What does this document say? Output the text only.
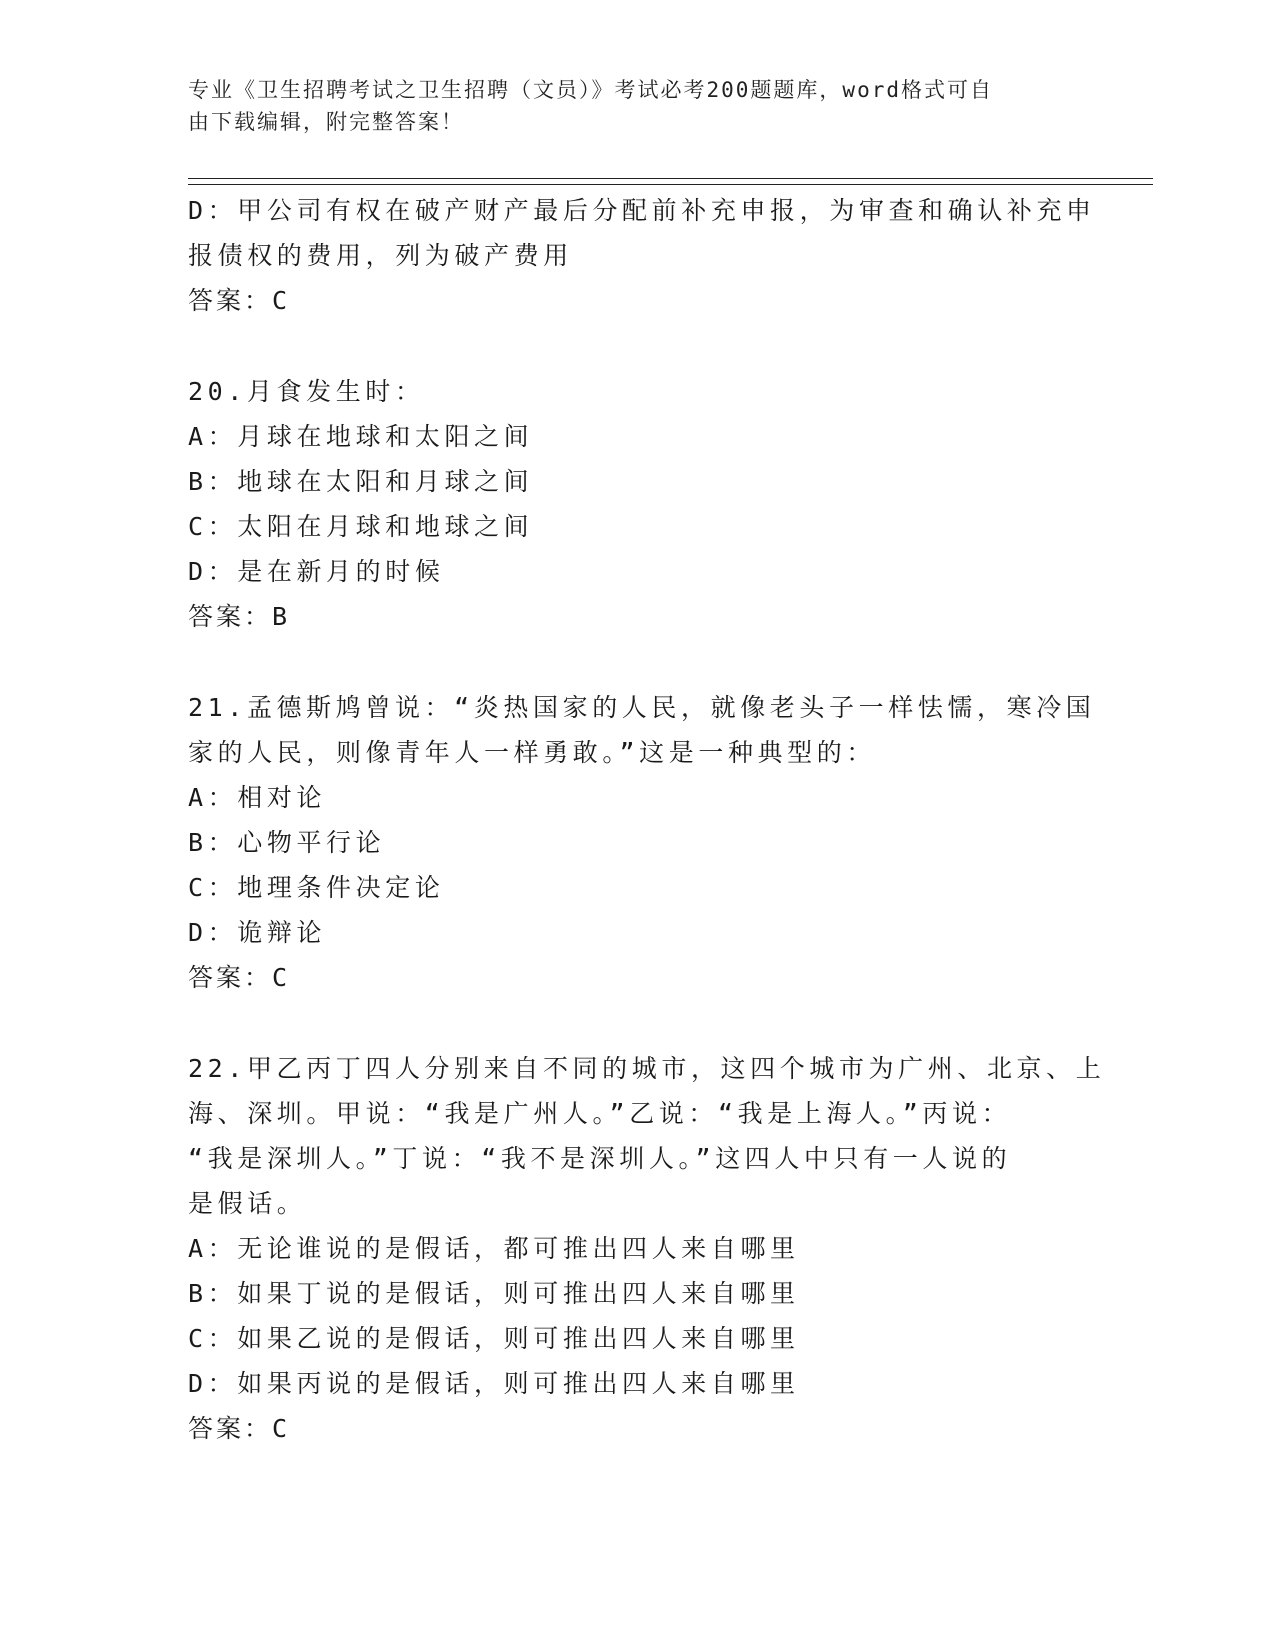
专业《卫生招聘考试之卫生招聘（文员）》考试必考200题题库，word格式可自
由下载编辑，附完整答案！
D：甲公司有权在破产财产最后分配前补充申报，为审查和确认补充申
报债权的费用，列为破产费用
答案：C
20.月食发生时：
A：月球在地球和太阳之间
B：地球在太阳和月球之间
C：太阳在月球和地球之间
D：是在新月的时候
答案：B
21.孟德斯鸠曾说：“炎热国家的人民，就像老头子一样怯懦，寒冷国
家的人民，则像青年人一样勇敢。”这是一种典型的：
A：相对论
B：心物平行论
C：地理条件决定论
D：诡辩论
答案：C
22.甲乙丙丁四人分别来自不同的城市，这四个城市为广州、北京、上
海、深圳。甲说：“我是广州人。”乙说：“我是上海人。”丙说：
“我是深圳人。”丁说：“我不是深圳人。”这四人中只有一人说的
是假话。
A：无论谁说的是假话，都可推出四人来自哪里
B：如果丁说的是假话，则可推出四人来自哪里
C：如果乙说的是假话，则可推出四人来自哪里
D：如果丙说的是假话，则可推出四人来自哪里
答案：C
